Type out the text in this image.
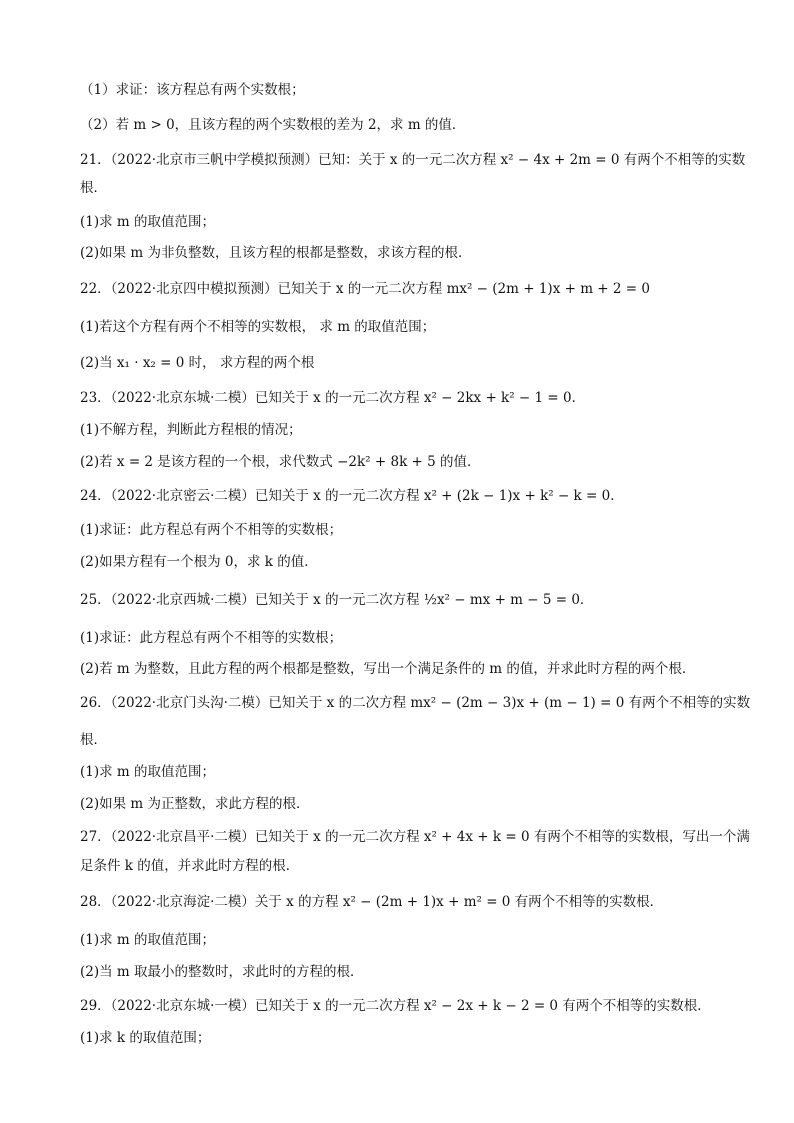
（1）求证：该方程总有两个实数根；
（2）若 m > 0，且该方程的两个实数根的差为 2，求 m 的值．
21．（2022·北京市三帆中学模拟预测）已知：关于 x 的一元二次方程 x² − 4x + 2m = 0 有两个不相等的实数
根．
(1)求 m 的取值范围；
(2)如果 m 为非负整数，且该方程的根都是整数，求该方程的根．
22．（2022·北京四中模拟预测）已知关于 x 的一元二次方程 mx² − (2m + 1)x + m + 2 = 0
(1)若这个方程有两个不相等的实数根， 求 m 的取值范围；
(2)当 x₁ · x₂ = 0 时， 求方程的两个根
23．（2022·北京东城·二模）已知关于 x 的一元二次方程 x² − 2kx + k² − 1 = 0．
(1)不解方程，判断此方程根的情况；
(2)若 x = 2 是该方程的一个根，求代数式 −2k² + 8k + 5 的值．
24．（2022·北京密云·二模）已知关于 x 的一元二次方程 x² + (2k − 1)x + k² − k = 0．
(1)求证：此方程总有两个不相等的实数根；
(2)如果方程有一个根为 0，求 k 的值．
25．（2022·北京西城·二模）已知关于 x 的一元二次方程 ½x² − mx + m − 5 = 0．
(1)求证：此方程总有两个不相等的实数根；
(2)若 m 为整数，且此方程的两个根都是整数，写出一个满足条件的 m 的值，并求此时方程的两个根．
26．（2022·北京门头沟·二模）已知关于 x 的二次方程 mx² − (2m − 3)x + (m − 1) = 0 有两个不相等的实数
根．
(1)求 m 的取值范围；
(2)如果 m 为正整数，求此方程的根．
27．（2022·北京昌平·二模）已知关于 x 的一元二次方程 x² + 4x + k = 0 有两个不相等的实数根，写出一个满
足条件 k 的值，并求此时方程的根．
28．（2022·北京海淀·二模）关于 x 的方程 x² − (2m + 1)x + m² = 0 有两个不相等的实数根．
(1)求 m 的取值范围；
(2)当 m 取最小的整数时，求此时的方程的根．
29．（2022·北京东城·一模）已知关于 x 的一元二次方程 x² − 2x + k − 2 = 0 有两个不相等的实数根．
(1)求 k 的取值范围；
